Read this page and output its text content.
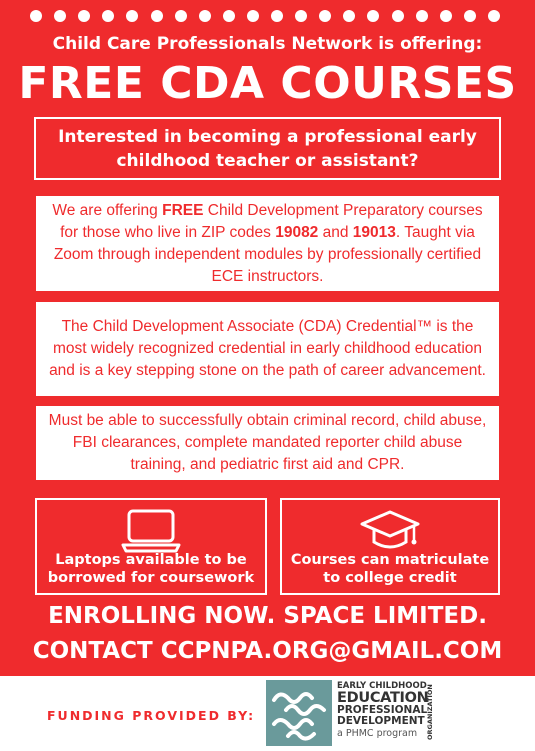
Child Care Professionals Network is offering:
FREE CDA COURSES
Interested in becoming a professional early childhood teacher or assistant?
We are offering FREE Child Development Preparatory courses for those who live in ZIP codes 19082 and 19013. Taught via Zoom through independent modules by professionally certified ECE instructors.
The Child Development Associate (CDA) Credential™ is the most widely recognized credential in early childhood education and is a key stepping stone on the path of career advancement.
Must be able to successfully obtain criminal record, child abuse, FBI clearances, complete mandated reporter child abuse training, and pediatric first aid and CPR.
Laptops available to be borrowed for coursework
Courses can matriculate to college credit
ENROLLING NOW. SPACE LIMITED.
CONTACT CCPNPA.ORG@GMAIL.COM
FUNDING PROVIDED BY:
EARLY CHILDHOOD
EDUCATION
PROFESSIONAL
DEVELOPMENT
a PHMC program	ORGANIZATION
